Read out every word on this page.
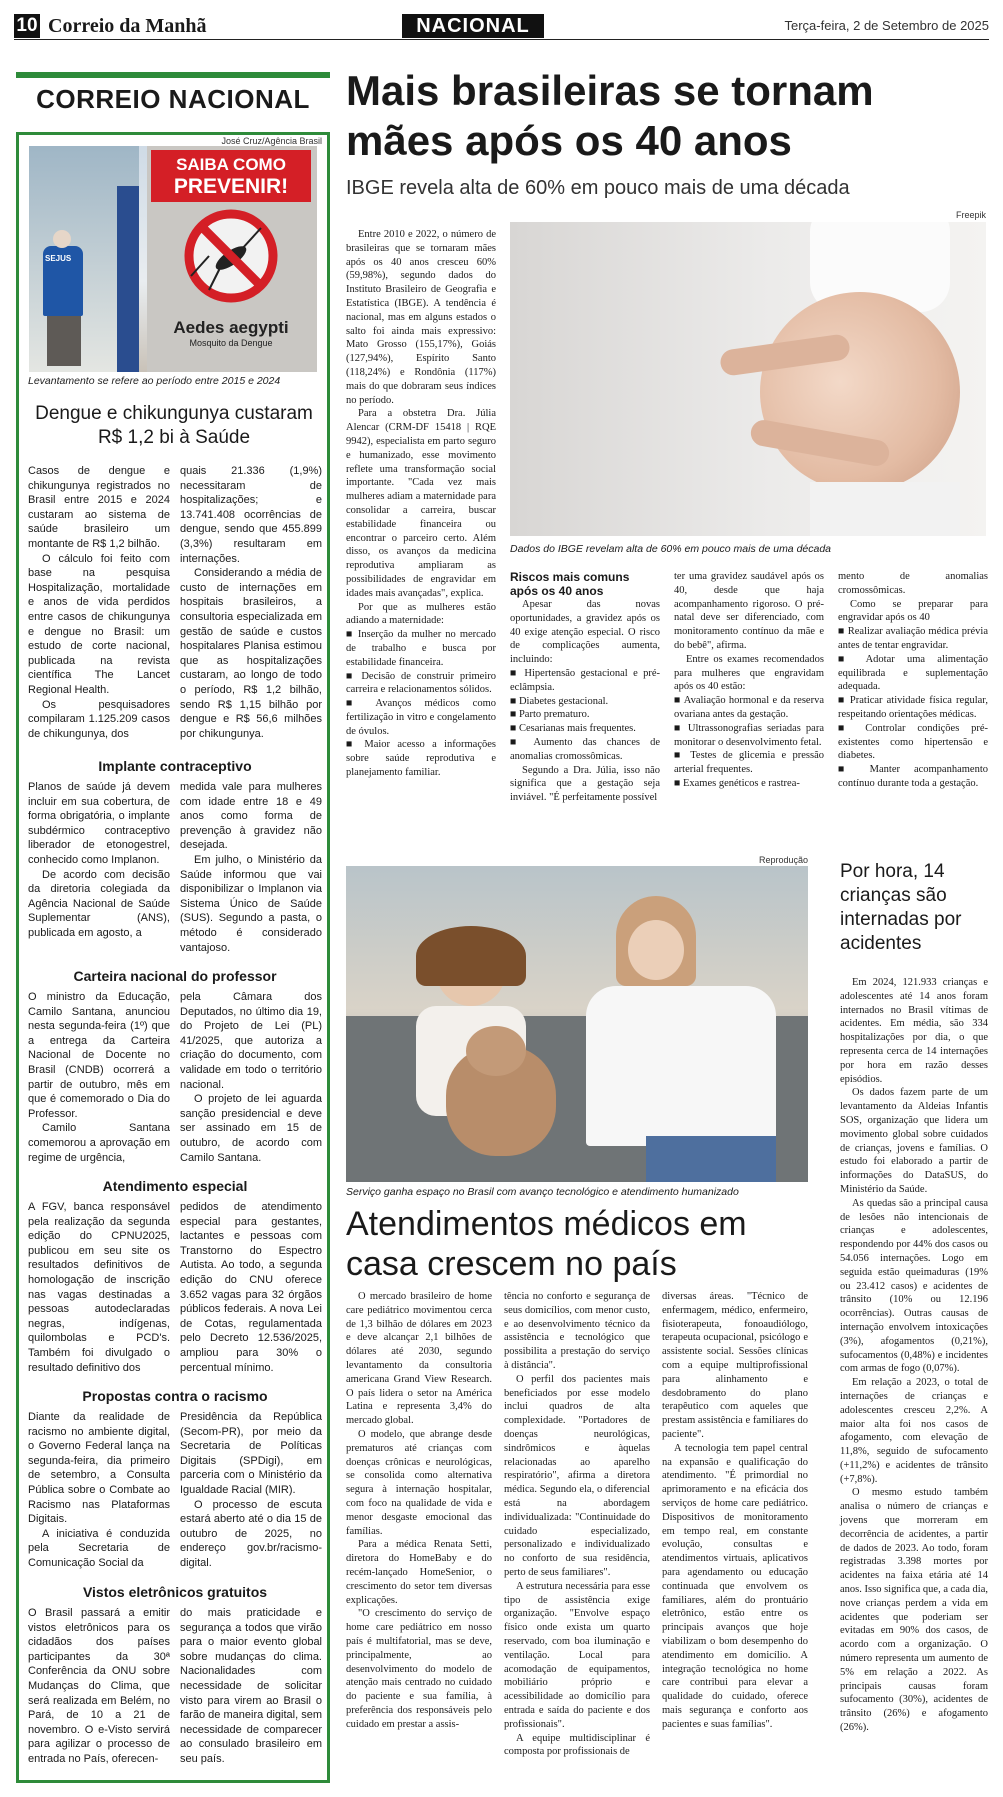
10 Correio da Manhã	NACIONAL	Terça-feira, 2 de Setembro de 2025
CORREIO NACIONAL
José Cruz/Agência Brasil
SEJUS
SAIBA COMO
PREVENIR!
Aedes aegypti
Mosquito da Dengue
Levantamento se refere ao período entre 2015 e 2024
Dengue e chikungunya custaram R$ 1,2 bi à Saúde

Casos de dengue e chikungunya registrados no Brasil entre 2015 e 2024 custaram ao sistema de saúde brasileiro um montante de R$ 1,2 bilhão.

O cálculo foi feito com base na pesquisa Hospitalização, mortalidade e anos de vida perdidos entre casos de chikungunya e dengue no Brasil: um estudo de corte nacional, publicada na revista científica The Lancet Regional Health.

Os pesquisadores compilaram 1.125.209 casos de chikungunya, dos

quais 21.336 (1,9%) necessitaram de hospitalizações; e 13.741.408 ocorrências de dengue, sendo que 455.899 (3,3%) resultaram em internações.

Considerando a média de custo de internações em hospitais brasileiros, a consultoria especializada em gestão de saúde e custos hospitalares Planisa estimou que as hospitalizações custaram, ao longo de todo o período, R$ 1,2 bilhão, sendo R$ 1,15 bilhão por dengue e R$ 56,6 milhões por chikungunya.

Implante contraceptivo

Planos de saúde já devem incluir em sua cobertura, de forma obrigatória, o implante subdérmico contraceptivo liberador de etonogestrel, conhecido como Implanon.

De acordo com decisão da diretoria colegiada da Agência Nacional de Saúde Suplementar (ANS), publicada em agosto, a

medida vale para mulheres com idade entre 18 e 49 anos como forma de prevenção à gravidez não desejada.

Em julho, o Ministério da Saúde informou que vai disponibilizar o Implanon via Sistema Único de Saúde (SUS). Segundo a pasta, o método é considerado vantajoso.

Carteira nacional do professor

O ministro da Educação, Camilo Santana, anunciou nesta segunda-feira (1º) que a entrega da Carteira Nacional de Docente no Brasil (CNDB) ocorrerá a partir de outubro, mês em que é comemorado o Dia do Professor.

Camilo Santana comemorou a aprovação em regime de urgência,

pela Câmara dos Deputados, no último dia 19, do Projeto de Lei (PL) 41/2025, que autoriza a criação do documento, com validade em todo o território nacional.

O projeto de lei aguarda sanção presidencial e deve ser assinado em 15 de outubro, de acordo com Camilo Santana.

Atendimento especial

A FGV, banca responsável pela realização da segunda edição do CPNU2025, publicou em seu site os resultados definitivos de homologação de inscrição nas vagas destinadas a pessoas autodeclaradas negras, indígenas, quilombolas e PCD's. Também foi divulgado o resultado definitivo dos

pedidos de atendimento especial para gestantes, lactantes e pessoas com Transtorno do Espectro Autista. Ao todo, a segunda edição do CNU oferece 3.652 vagas para 32 órgãos públicos federais. A nova Lei de Cotas, regulamentada pelo Decreto 12.536/2025, ampliou para 30% o percentual mínimo.

Propostas contra o racismo

Diante da realidade de racismo no ambiente digital, o Governo Federal lança na segunda-feira, dia primeiro de setembro, a Consulta Pública sobre o Combate ao Racismo nas Plataformas Digitais.

A iniciativa é conduzida pela Secretaria de Comunicação Social da

Presidência da República (Secom-PR), por meio da Secretaria de Políticas Digitais (SPDigi), em parceria com o Ministério da Igualdade Racial (MIR).

O processo de escuta estará aberto até o dia 15 de outubro de 2025, no endereço gov.br/racismo-digital.

Vistos eletrônicos gratuitos

O Brasil passará a emitir vistos eletrônicos para os cidadãos dos países participantes da 30ª Conferência da ONU sobre Mudanças do Clima, que será realizada em Belém, no Pará, de 10 a 21 de novembro. O e-Visto servirá para agilizar o processo de entrada no País, oferecen-

do mais praticidade e segurança a todos que virão para o maior evento global sobre mudanças do clima. Nacionalidades com necessidade de solicitar visto para virem ao Brasil o farão de maneira digital, sem necessidade de comparecer ao consulado brasileiro em seu país.

Mais brasileiras se tornam mães após os 40 anos
IBGE revela alta de 60% em pouco mais de uma década
Freepik
Dados do IBGE revelam alta de 60% em pouco mais de uma década

Entre 2010 e 2022, o número de brasileiras que se tornaram mães após os 40 anos cresceu 60% (59,98%), segundo dados do Instituto Brasileiro de Geografia e Estatística (IBGE). A tendência é nacional, mas em alguns estados o salto foi ainda mais expressivo: Mato Grosso (155,17%), Goiás (127,94%), Espírito Santo (118,24%) e Rondônia (117%) mais do que dobraram seus índices no período.

Para a obstetra Dra. Júlia Alencar (CRM-DF 15418 | RQE 9942), especialista em parto seguro e humanizado, esse movimento reflete uma transformação social importante. "Cada vez mais mulheres adiam a maternidade para consolidar a carreira, buscar estabilidade financeira ou encontrar o parceiro certo. Além disso, os avanços da medicina reprodutiva ampliaram as possibilidades de engravidar em idades mais avançadas", explica.

Por que as mulheres estão adiando a maternidade:

■ Inserção da mulher no mercado de trabalho e busca por estabilidade financeira.

■ Decisão de construir primeiro carreira e relacionamentos sólidos.

■ Avanços médicos como fertilização in vitro e congelamento de óvulos.

■ Maior acesso a informações sobre saúde reprodutiva e planejamento familiar.

Riscos mais comuns após os 40 anos

Apesar das novas oportunidades, a gravidez após os 40 exige atenção especial. O risco de complicações aumenta, incluindo:

■ Hipertensão gestacional e pré-eclâmpsia.

■ Diabetes gestacional.

■ Parto prematuro.

■ Cesarianas mais frequentes.

■ Aumento das chances de anomalias cromossômicas.

Segundo a Dra. Júlia, isso não significa que a gestação seja inviável. "É perfeitamente possível

ter uma gravidez saudável após os 40, desde que haja acompanhamento rigoroso. O pré-natal deve ser diferenciado, com monitoramento contínuo da mãe e do bebê", afirma.

Entre os exames recomendados para mulheres que engravidam após os 40 estão:

■ Avaliação hormonal e da reserva ovariana antes da gestação.

■ Ultrassonografias seriadas para monitorar o desenvolvimento fetal.

■ Testes de glicemia e pressão arterial frequentes.

■ Exames genéticos e rastrea-

mento de anomalias cromossômicas.

Como se preparar para engravidar após os 40

■ Realizar avaliação médica prévia antes de tentar engravidar.

■ Adotar uma alimentação equilibrada e suplementação adequada.

■ Praticar atividade física regular, respeitando orientações médicas.

■ Controlar condições pré-existentes como hipertensão e diabetes.

■ Manter acompanhamento contínuo durante toda a gestação.

Reprodução
Serviço ganha espaço no Brasil com avanço tecnológico e atendimento humanizado
Atendimentos médicos em casa crescem no país

O mercado brasileiro de home care pediátrico movimentou cerca de 1,3 bilhão de dólares em 2023 e deve alcançar 2,1 bilhões de dólares até 2030, segundo levantamento da consultoria americana Grand View Research. O país lidera o setor na América Latina e representa 3,4% do mercado global.

O modelo, que abrange desde prematuros até crianças com doenças crônicas e neurológicas, se consolida como alternativa segura à internação hospitalar, com foco na qualidade de vida e menor desgaste emocional das famílias.

Para a médica Renata Setti, diretora do HomeBaby e do recém-lançado HomeSenior, o crescimento do setor tem diversas explicações.

"O crescimento do serviço de home care pediátrico em nosso país é multifatorial, mas se deve, principalmente, ao desenvolvimento do modelo de atenção mais centrado no cuidado do paciente e sua família, à preferência dos responsáveis pelo cuidado em prestar a assis-

tência no conforto e segurança de seus domicílios, com menor custo, e ao desenvolvimento técnico da assistência e tecnológico que possibilita a prestação do serviço à distância".

O perfil dos pacientes mais beneficiados por esse modelo inclui quadros de alta complexidade. "Portadores de doenças neurológicas, sindrômicos e àquelas relacionadas ao aparelho respiratório", afirma a diretora médica. Segundo ela, o diferencial está na abordagem individualizada: "Continuidade do cuidado especializado, personalizado e individualizado no conforto de sua residência, perto de seus familiares".

A estrutura necessária para esse tipo de assistência exige organização. "Envolve espaço físico onde exista um quarto reservado, com boa iluminação e ventilação. Local para acomodação de equipamentos, mobiliário próprio e acessibilidade ao domicílio para entrada e saída do paciente e dos profissionais".

A equipe multidisciplinar é composta por profissionais de

diversas áreas. "Técnico de enfermagem, médico, enfermeiro, fisioterapeuta, fonoaudiólogo, terapeuta ocupacional, psicólogo e assistente social. Sessões clínicas com a equipe multiprofissional para alinhamento e desdobramento do plano terapêutico com aqueles que prestam assistência e familiares do paciente".

A tecnologia tem papel central na expansão e qualificação do atendimento. "É primordial no aprimoramento e na eficácia dos serviços de home care pediátrico. Dispositivos de monitoramento em tempo real, em constante evolução, consultas e atendimentos virtuais, aplicativos para agendamento ou educação continuada que envolvem os familiares, além do prontuário eletrônico, estão entre os principais avanços que hoje viabilizam o bom desempenho do atendimento em domicílio. A integração tecnológica no home care contribui para elevar a qualidade do cuidado, oferece mais segurança e conforto aos pacientes e suas famílias".

Por hora, 14 crianças são internadas por acidentes

Em 2024, 121.933 crianças e adolescentes até 14 anos foram internados no Brasil vítimas de acidentes. Em média, são 334 hospitalizações por dia, o que representa cerca de 14 internações por hora em razão desses episódios.

Os dados fazem parte de um levantamento da Aldeias Infantis SOS, organização que lidera um movimento global sobre cuidados de crianças, jovens e famílias. O estudo foi elaborado a partir de informações do DataSUS, do Ministério da Saúde.

As quedas são a principal causa de lesões não intencionais de crianças e adolescentes, respondendo por 44% dos casos ou 54.056 internações. Logo em seguida estão queimaduras (19% ou 23.412 casos) e acidentes de trânsito (10% ou 12.196 ocorrências). Outras causas de internação envolvem intoxicações (3%), afogamentos (0,21%), sufocamentos (0,48%) e incidentes com armas de fogo (0,07%).

Em relação a 2023, o total de internações de crianças e adolescentes cresceu 2,2%. A maior alta foi nos casos de afogamento, com elevação de 11,8%, seguido de sufocamento (+11,2%) e acidentes de trânsito (+7,8%).

O mesmo estudo também analisa o número de crianças e jovens que morreram em decorrência de acidentes, a partir de dados de 2023. Ao todo, foram registradas 3.398 mortes por acidentes na faixa etária até 14 anos. Isso significa que, a cada dia, nove crianças perdem a vida em acidentes que poderiam ser evitadas em 90% dos casos, de acordo com a organização. O número representa um aumento de 5% em relação a 2022. As principais causas foram sufocamento (30%), acidentes de trânsito (26%) e afogamento (26%).
